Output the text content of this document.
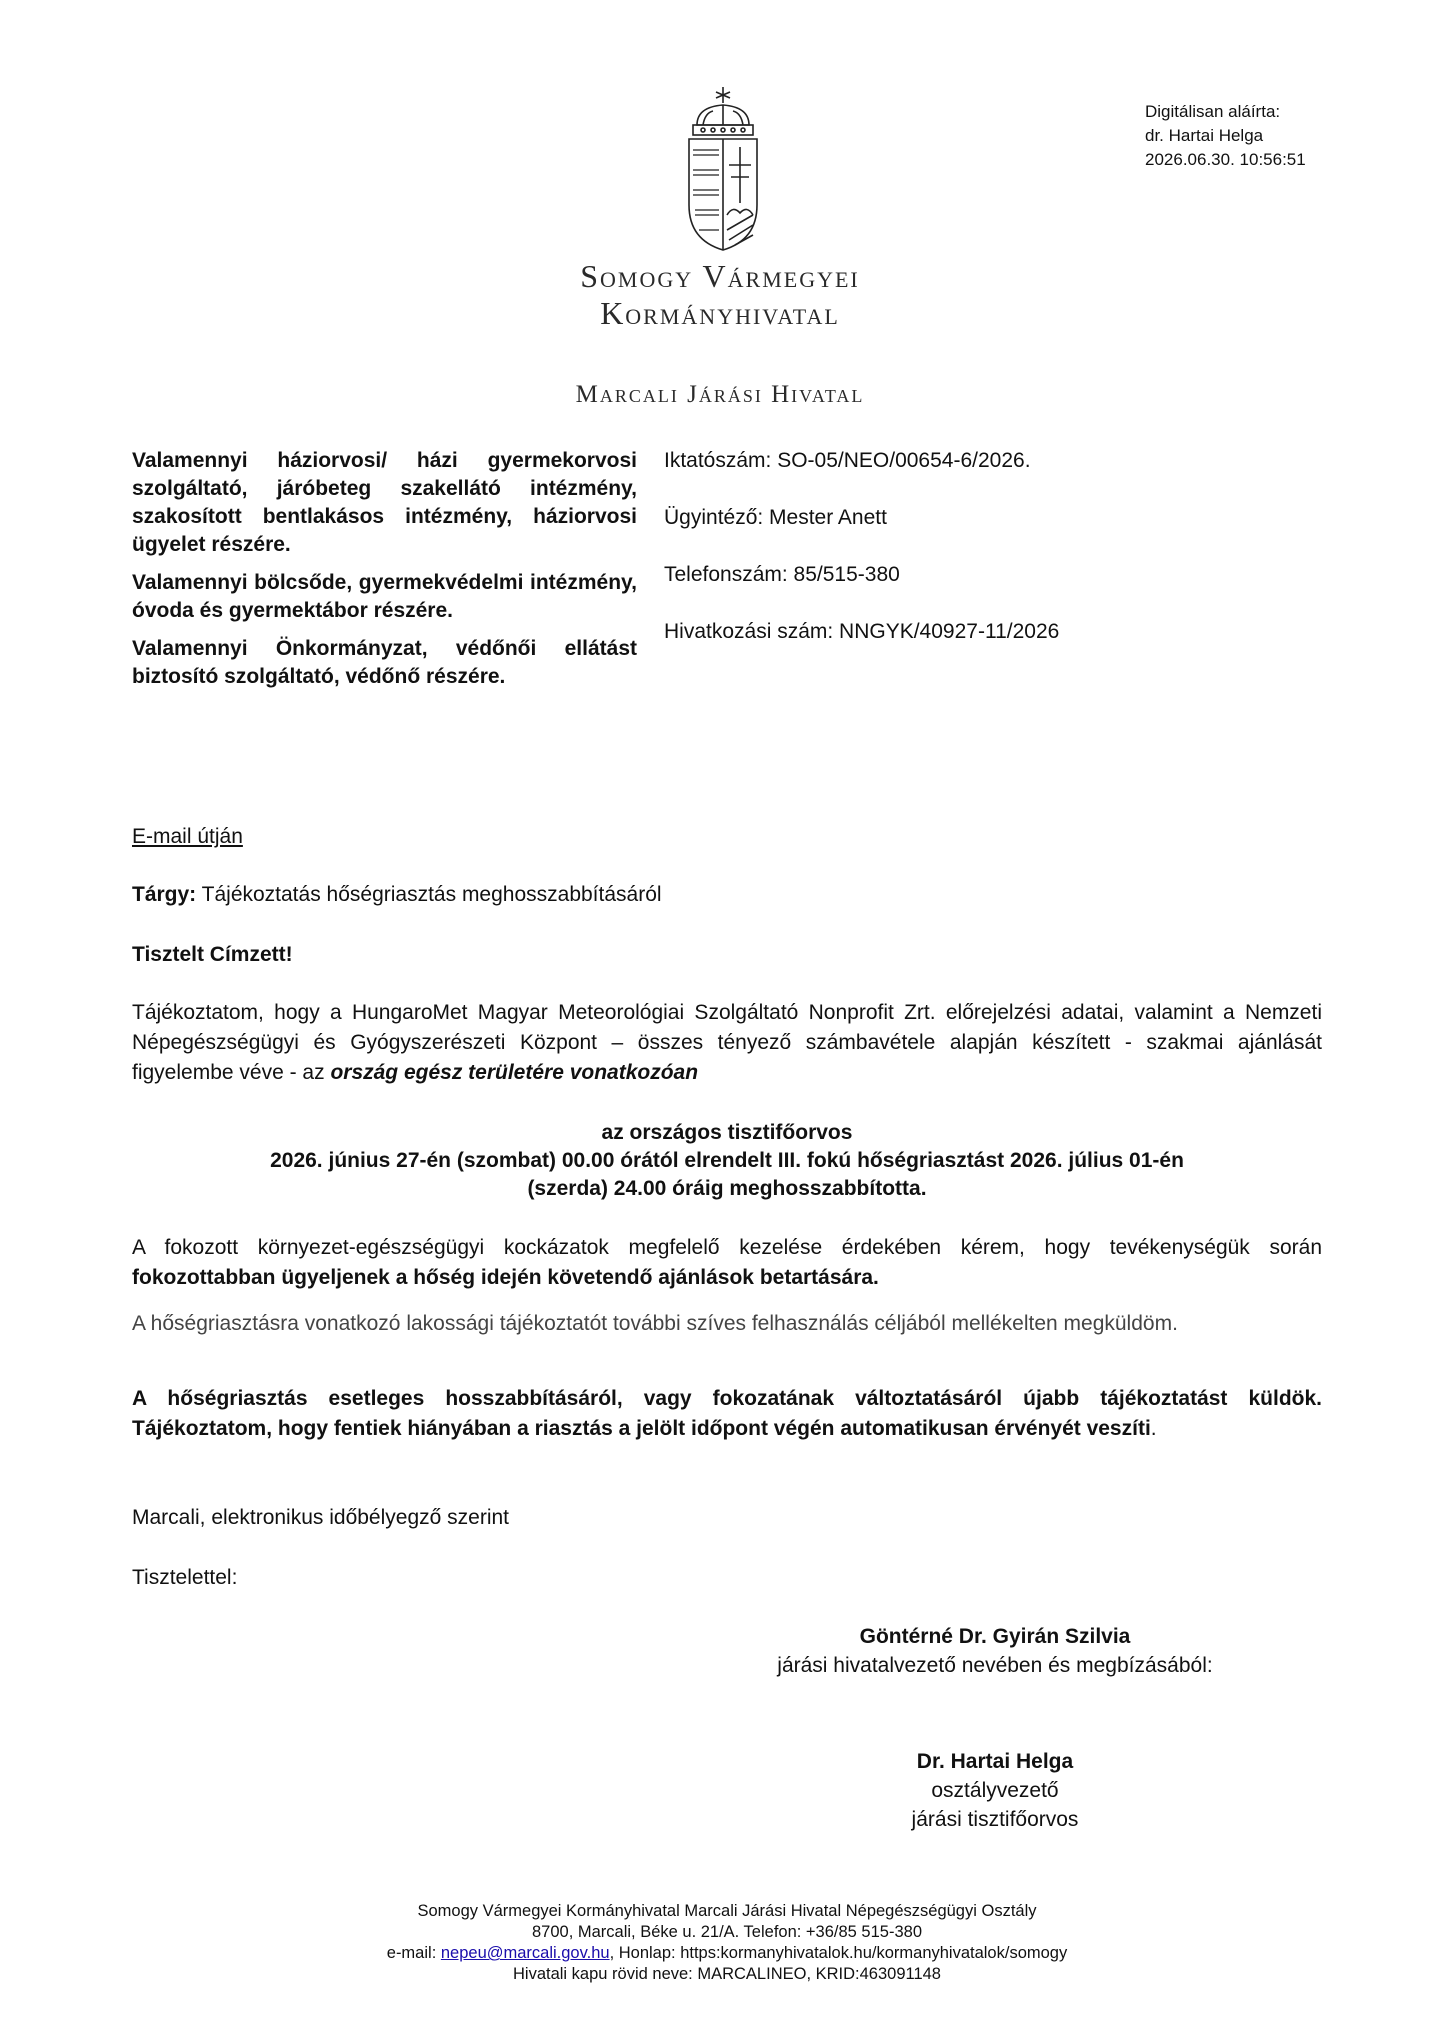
Somogy Vármegyei
Kormányhivatal
Marcali Járási Hivatal
Digitálisan aláírta:
dr. Hartai Helga
2026.06.30. 10:56:51

Valamennyi háziorvosi/ házi gyermekorvosi szolgáltató, járóbeteg szakellátó intézmény, szakosított bentlakásos intézmény, háziorvosi ügyelet részére.

Valamennyi bölcsőde, gyermekvédelmi intézmény, óvoda és gyermektábor részére.

Valamennyi Önkormányzat, védőnői ellátást biztosító szolgáltató, védőnő részére.

Iktatószám: SO-05/NEO/00654-6/2026.
Ügyintéző: Mester Anett
Telefonszám: 85/515-380
Hivatkozási szám: NNGYK/40927-11/2026
E-mail útján
Tárgy: Tájékoztatás hőségriasztás meghosszabbításáról
Tisztelt Címzett!
Tájékoztatom, hogy a HungaroMet Magyar Meteorológiai Szolgáltató Nonprofit Zrt. előrejelzési adatai, valamint a Nemzeti Népegészségügyi és Gyógyszerészeti Központ – összes tényező számbavétele alapján készített - szakmai ajánlását figyelembe véve - az ország egész területére vonatkozóan
az országos tisztifőorvos
2026. június 27-én (szombat) 00.00 órától elrendelt III. fokú hőségriasztást 2026. július 01-én (szerda) 24.00 óráig meghosszabbította.
A fokozott környezet-egészségügyi kockázatok megfelelő kezelése érdekében kérem, hogy tevékenységük során fokozottabban ügyeljenek a hőség idején követendő ajánlások betartására.
A hőségriasztásra vonatkozó lakossági tájékoztatót további szíves felhasználás céljából mellékelten megküldöm.
A hőségriasztás esetleges hosszabbításáról, vagy fokozatának változtatásáról újabb tájékoztatást küldök. Tájékoztatom, hogy fentiek hiányában a riasztás a jelölt időpont végén automatikusan érvényét veszíti.
Marcali, elektronikus időbélyegző szerint
Tisztelettel:
Göntérné Dr. Gyirán Szilvia
járási hivatalvezető nevében és megbízásából:
Dr. Hartai Helga
osztályvezető
járási tisztifőorvos
Somogy Vármegyei Kormányhivatal Marcali Járási Hivatal Népegészségügyi Osztály
8700, Marcali, Béke u. 21/A. Telefon: +36/85 515-380
e-mail: nepeu@marcali.gov.hu, Honlap: https:kormanyhivatalok.hu/kormanyhivatalok/somogy
Hivatali kapu rövid neve: MARCALINEO, KRID:463091148
